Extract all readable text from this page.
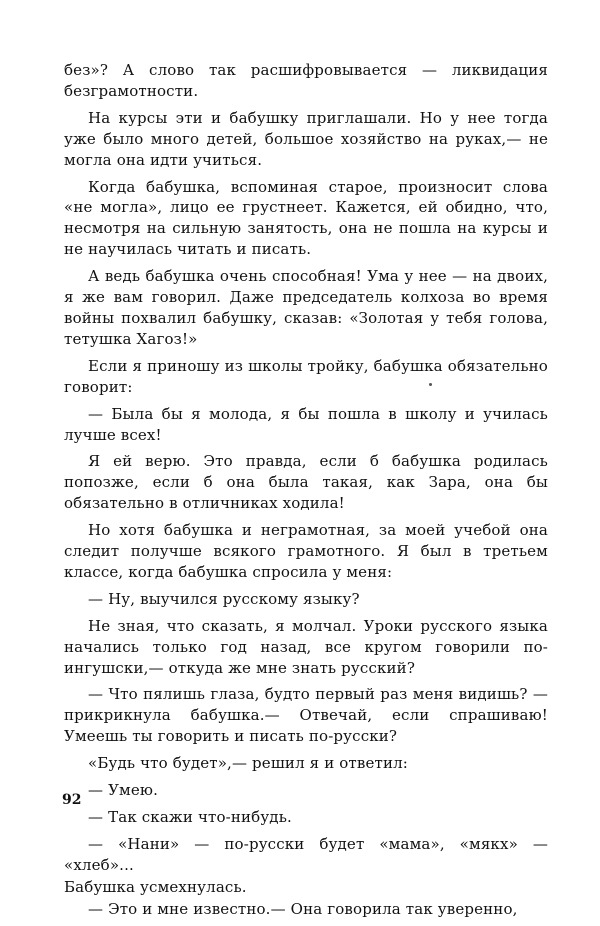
без»? А слово так расшифровывается — ликвидация безграмотности.

На курсы эти и бабушку приглашали. Но у нее тогда уже было много детей, большое хозяйство на руках,— не могла она идти учиться.

Когда бабушка, вспоминая старое, произносит слова «не могла», лицо ее грустнеет. Кажется, ей обидно, что, несмотря на сильную занятость, она не пошла на курсы и не научилась читать и писать.

А ведь бабушка очень способная! Ума у нее — на двоих, я же вам говорил. Даже председатель колхоза во время войны похвалил бабушку, сказав: «Золотая у тебя голова, тетушка Хагоз!»

Если я приношу из школы тройку, бабушка обязательно говорит:

— Была бы я молода, я бы пошла в школу и училась лучше всех!

Я ей верю. Это правда, если б бабушка родилась попозже, если б она была такая, как Зара, она бы обязательно в отличниках ходила!

Но хотя бабушка и неграмотная, за моей учебой она следит получше всякого грамотного. Я был в третьем классе, когда бабушка спросила у меня:

— Ну, выучился русскому языку?

Не зная, что сказать, я молчал. Уроки русского языка начались только год назад, все кругом говорили по-ингушски,— откуда же мне знать русский?

— Что пялишь глаза, будто первый раз меня видишь? — прикрикнула бабушка.— Отвечай, если спрашиваю! Умеешь ты говорить и писать по-русски?

«Будь что будет»,— решил я и ответил:

— Умею.

— Так скажи что-нибудь.

— «Нани» — по-русски будет «мама», «мякх» — «хлеб»...

Бабушка усмехнулась.

— Это и мне известно.— Она говорила так уверенно,

92
